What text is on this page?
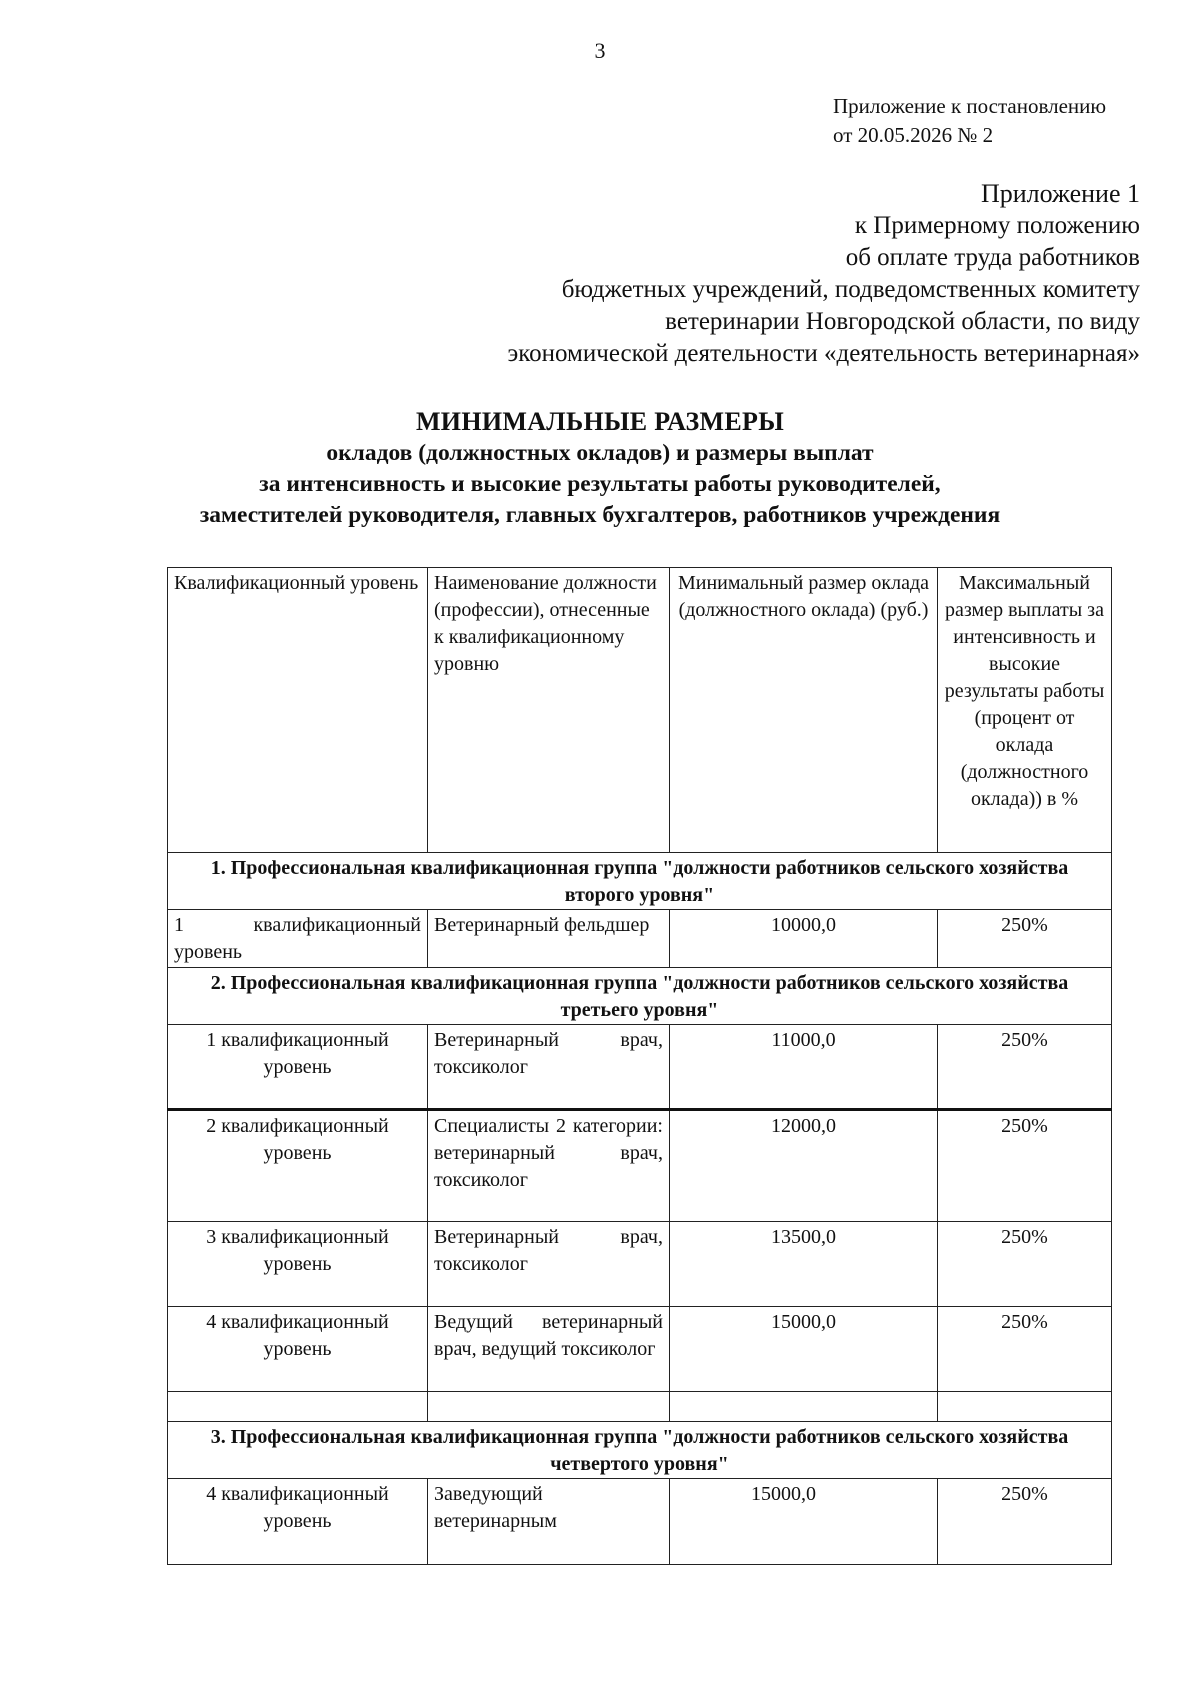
3
Приложение к постановлению
от 20.05.2026 № 2
Приложение 1
к Примерному положению
об оплате труда работников
бюджетных учреждений, подведомственных комитету
ветеринарии Новгородской области, по виду
экономической деятельности «деятельность ветеринарная»
МИНИМАЛЬНЫЕ РАЗМЕРЫ
окладов (должностных окладов) и размеры выплат
за интенсивность и высокие результаты работы руководителей,
заместителей руководителя, главных бухгалтеров, работников учреждения
Квалификационный уровень	Наименование должности (профессии), отнесенные к квалификационному уровню	Минимальный размер оклада (должностного оклада) (руб.)	Максимальный размер выплаты за интенсивность и высокие результаты работы (процент от оклада (должностного оклада)) в %
1. Профессиональная квалификационная группа "должности работников сельского хозяйства второго уровня"			
1 квалификационный уровень	Ветеринарный фельдшер	10000,0	250%
2. Профессиональная квалификационная группа "должности работников сельского хозяйства третьего уровня"			
1 квалификационный уровень	Ветеринарный врач, токсиколог	11000,0	250%
2 квалификационный уровень	Специалисты 2 категории: ветеринарный врач, токсиколог	12000,0	250%
3 квалификационный уровень	Ветеринарный врач, токсиколог	13500,0	250%
4 квалификационный уровень	Ведущий ветеринарный врач, ведущий токсиколог	15000,0	250%

3. Профессиональная квалификационная группа "должности работников сельского хозяйства четвертого уровня"			
4 квалификационный уровень	Заведующий ветеринарным	15000,0	250%
